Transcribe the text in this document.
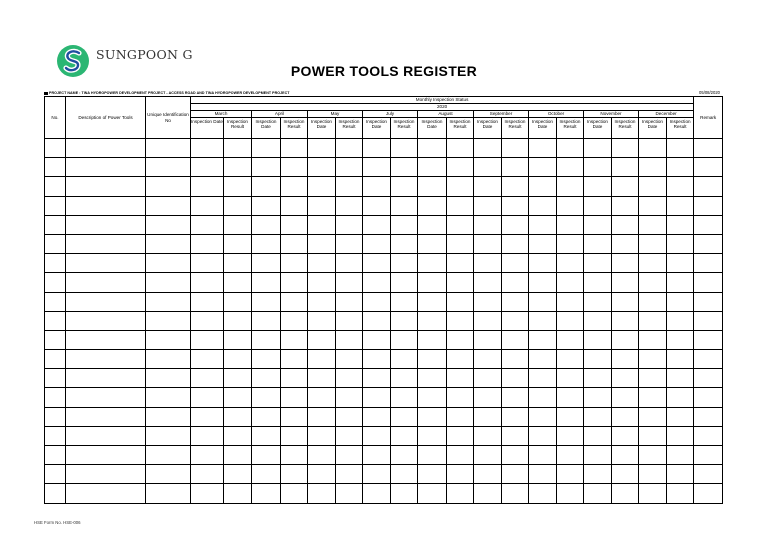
SUNGPOON G
POWER TOOLS REGISTER
PROJECT NAME : TINA HYDROPOWER DEVELOPMENT PROJECT - ACCESS ROAD AND TINA HYDROPOWER DEVELOPMENT PROJECT	05/08/2020
No.	Description of Power Tools	Unique Identification No	Monthly Inspection Status																		Remark
			2020																		
			March		April		May		July		August		September		October		November		December		
			Inspection Date	Inspection Result	Inspection Date	Inspection Result	Inspection Date	Inspection Result	Inspection Date	Inspection Result	Inspection Date	Inspection Result	Inspection Date	Inspection Result	Inspection Date	Inspection Result	Inspection Date	Inspection Result	Inspection Date	Inspection Result	

HSE Form No. HSE-006
